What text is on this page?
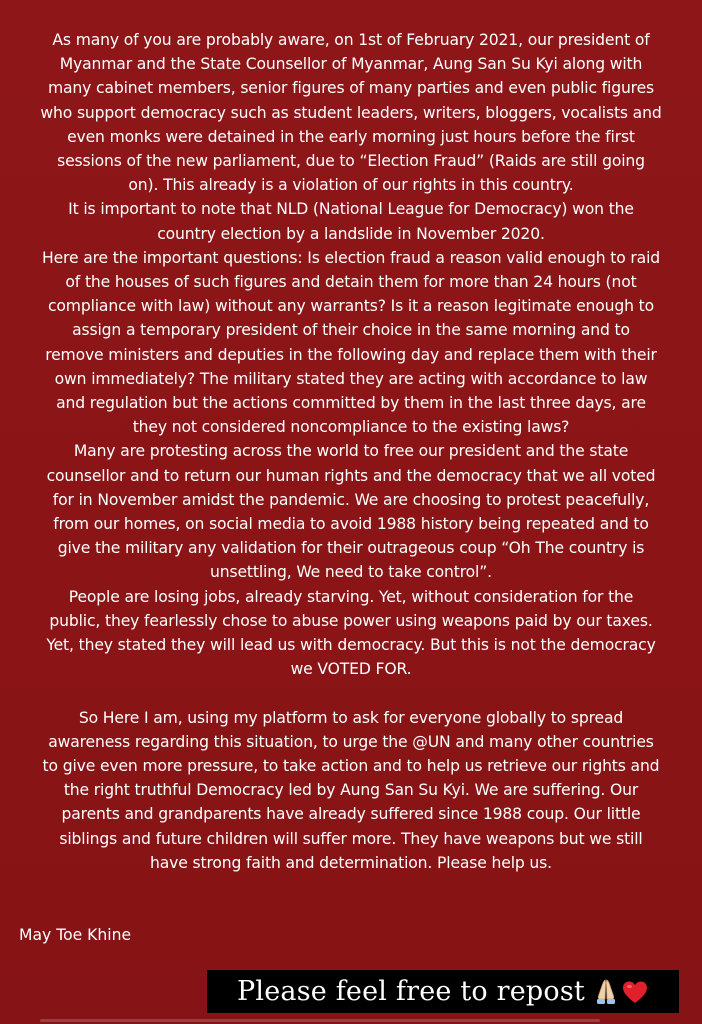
As many of you are probably aware, on 1st of February 2021, our president of
Myanmar and the State Counsellor of Myanmar, Aung San Su Kyi along with
many cabinet members, senior figures of many parties and even public figures
who support democracy such as student leaders, writers, bloggers, vocalists and
even monks were detained in the early morning just hours before the first
sessions of the new parliament, due to “Election Fraud” (Raids are still going
on). This already is a violation of our rights in this country.
It is important to note that NLD (National League for Democracy) won the
country election by a landslide in November 2020.
Here are the important questions: Is election fraud a reason valid enough to raid
of the houses of such figures and detain them for more than 24 hours (not
compliance with law) without any warrants? Is it a reason legitimate enough to
assign a temporary president of their choice in the same morning and to
remove ministers and deputies in the following day and replace them with their
own immediately? The military stated they are acting with accordance to law
and regulation but the actions committed by them in the last three days, are
they not considered noncompliance to the existing laws?
Many are protesting across the world to free our president and the state
counsellor and to return our human rights and the democracy that we all voted
for in November amidst the pandemic. We are choosing to protest peacefully,
from our homes, on social media to avoid 1988 history being repeated and to
give the military any validation for their outrageous coup “Oh The country is
unsettling, We need to take control”.
People are losing jobs, already starving. Yet, without consideration for the
public, they fearlessly chose to abuse power using weapons paid by our taxes.
Yet, they stated they will lead us with democracy. But this is not the democracy
we VOTED FOR.
So Here I am, using my platform to ask for everyone globally to spread
awareness regarding this situation, to urge the @UN and many other countries
to give even more pressure, to take action and to help us retrieve our rights and
the right truthful Democracy led by Aung San Su Kyi. We are suffering. Our
parents and grandparents have already suffered since 1988 coup. Our little
siblings and future children will suffer more. They have weapons but we still
have strong faith and determination. Please help us.

May Toe Khine

Please feel free to repost
